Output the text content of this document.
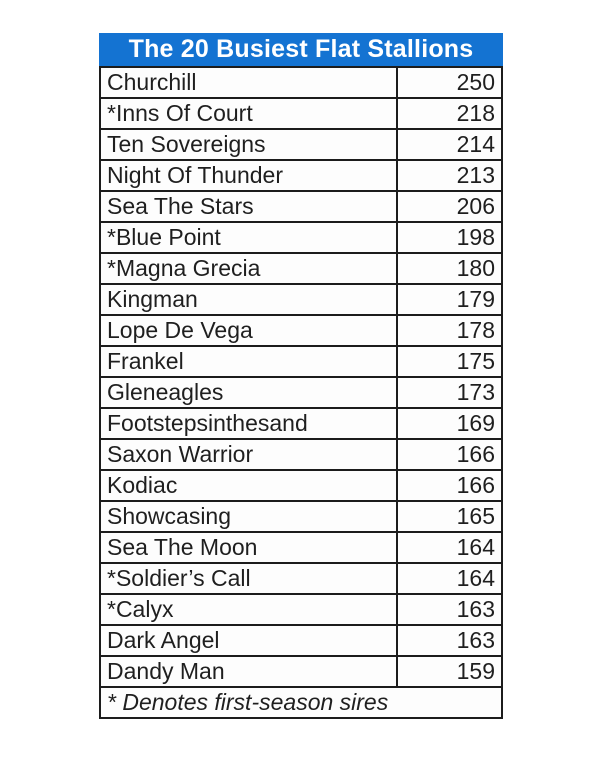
The 20 Busiest Flat Stallions
Churchill	250
*Inns Of Court	218
Ten Sovereigns	214
Night Of Thunder	213
Sea The Stars	206
*Blue Point	198
*Magna Grecia	180
Kingman	179
Lope De Vega	178
Frankel	175
Gleneagles	173
Footstepsinthesand	169
Saxon Warrior	166
Kodiac	166
Showcasing	165
Sea The Moon	164
*Soldier’s Call	164
*Calyx	163
Dark Angel	163
Dandy Man	159
* Denotes first-season sires	
